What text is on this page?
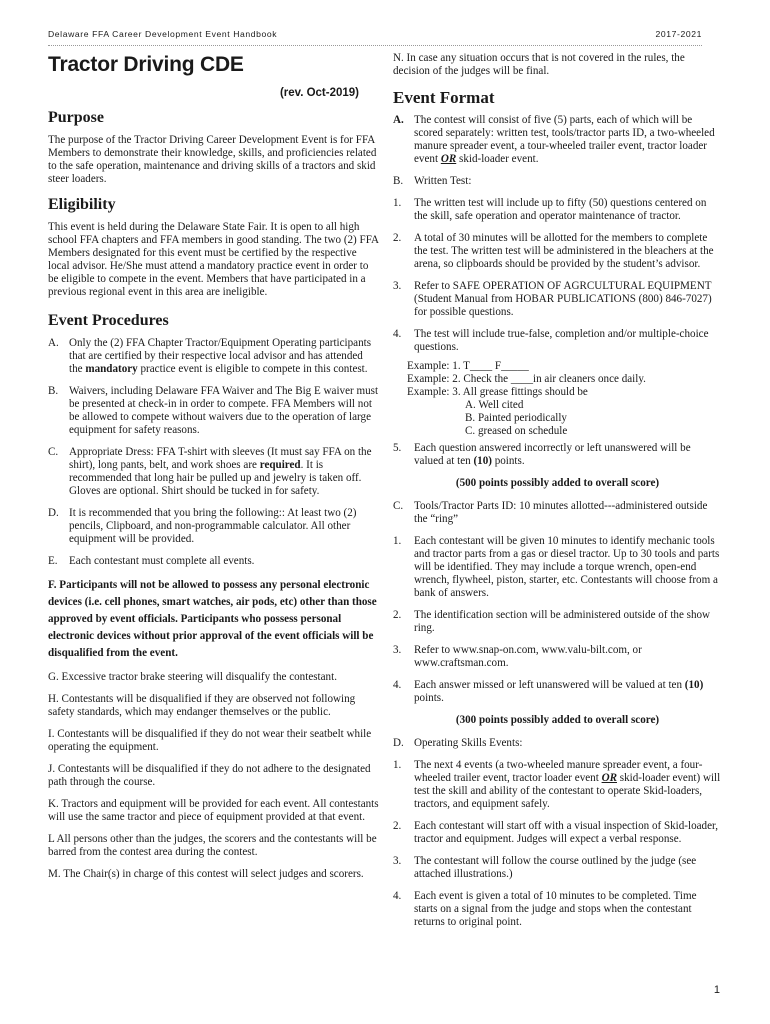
Delaware FFA Career Development Event Handbook	2017-2021
Tractor Driving CDE
(rev. Oct-2019)
Purpose

The purpose of the Tractor Driving Career Development Event is for FFA Members to demonstrate their knowledge, skills, and proficiencies related to the safe operation, maintenance and driving skills of a tractors and skid steer loaders.

Eligibility

This event is held during the Delaware State Fair. It is open to all high school FFA chapters and FFA members in good standing. The two (2) FFA Members designated for this event must be certified by the respective local advisor. He/She must attend a mandatory practice event in order to be eligible to compete in the event. Members that have participated in a previous regional event in this area are ineligible.

Event Procedures
A. Only the (2) FFA Chapter Tractor/Equipment Operating participants that are certified by their respective local advisor and has attended the mandatory practice event is eligible to compete in this contest.
B. Waivers, including Delaware FFA Waiver and The Big E waiver must be presented at check-in in order to compete. FFA Members will not be allowed to compete without waivers due to the operation of large equipment for safety reasons.
C. Appropriate Dress: FFA T-shirt with sleeves (It must say FFA on the shirt), long pants, belt, and work shoes are required. It is recommended that long hair be pulled up and jewelry is taken off. Gloves are optional. Shirt should be tucked in for safety.
D. It is recommended that you bring the following:: At least two (2) pencils, Clipboard, and non-programmable calculator. All other equipment will be provided.
E.	Each contestant must complete all events.
F. Participants will not be allowed to possess any personal electronic devices (i.e. cell phones, smart watches, air pods, etc) other than those approved by event officials. Participants who possess personal electronic devices without prior approval of the event officials will be disqualified from the event.

G. Excessive tractor brake steering will disqualify the contestant.

H. Contestants will be disqualified if they are observed not following safety standards, which may endanger themselves or the public.

I. Contestants will be disqualified if they do not wear their seatbelt while operating the equipment.

J. Contestants will be disqualified if they do not adhere to the designated path through the course.

K. Tractors and equipment will be provided for each event. All contestants will use the same tractor and piece of equipment provided at that event.

L All persons other than the judges, the scorers and the contestants will be barred from the contest area during the contest.

M. The Chair(s) in charge of this contest will select judges and scorers.

N. In case any situation occurs that is not covered in the rules, the decision of the judges will be final.

Event Format
A. The contest will consist of five (5) parts, each of which will be scored separately: written test, tools/tractor parts ID, a two-wheeled manure spreader event, a tour-wheeled trailer event, tractor loader event OR skid-loader event.
B. Written Test:
1.	The written test will include up to fifty (50) questions centered on the skill, safe operation and operator maintenance of tractor.
2.	A total of 30 minutes will be allotted for the members to complete the test. The written test will be administered in the bleachers at the arena, so clipboards should be provided by the student’s advisor.
3.	Refer to SAFE OPERATION OF AGRCULTURAL EQUIPMENT (Student Manual from HOBAR PUBLICATIONS (800) 846-7027) for possible questions.
4.	The test will include true-false, completion and/or multiple-choice questions.
Example: 1. T____ F_____
Example: 2. Check the ____in air cleaners once daily.
Example: 3. All grease fittings should be
A. Well cited
B. Painted periodically
C. greased on schedule
5.	Each question answered incorrectly or left unanswered will be valued at ten (10) points.
(500 points possibly added to overall score)
C. Tools/Tractor Parts ID: 10 minutes allotted---administered outside the “ring”
1.	Each contestant will be given 10 minutes to identify mechanic tools and tractor parts from a gas or diesel tractor. Up to 30 tools and parts will be identified. They may include a torque wrench, open-end wrench, flywheel, piston, starter, etc. Contestants will choose from a bank of answers.
2.	The identification section will be administered outside of the show ring.
3.	Refer to www.snap-on.com, www.valu-bilt.com, or www.craftsman.com.
4.	Each answer missed or left unanswered will be valued at ten (10) points.
(300 points possibly added to overall score)
D. Operating Skills Events:
1.	The next 4 events (a two-wheeled manure spreader event, a four-wheeled trailer event, tractor loader event OR skid-loader event) will test the skill and ability of the contestant to operate Skid-loaders, tractors, and equipment safely.
2.	Each contestant will start off with a visual inspection of Skid-loader, tractor and equipment. Judges will expect a verbal response.
3.	The contestant will follow the course outlined by the judge (see attached illustrations.)
4.	Each event is given a total of 10 minutes to be completed. Time starts on a signal from the judge and stops when the contestant returns to original point.
1
